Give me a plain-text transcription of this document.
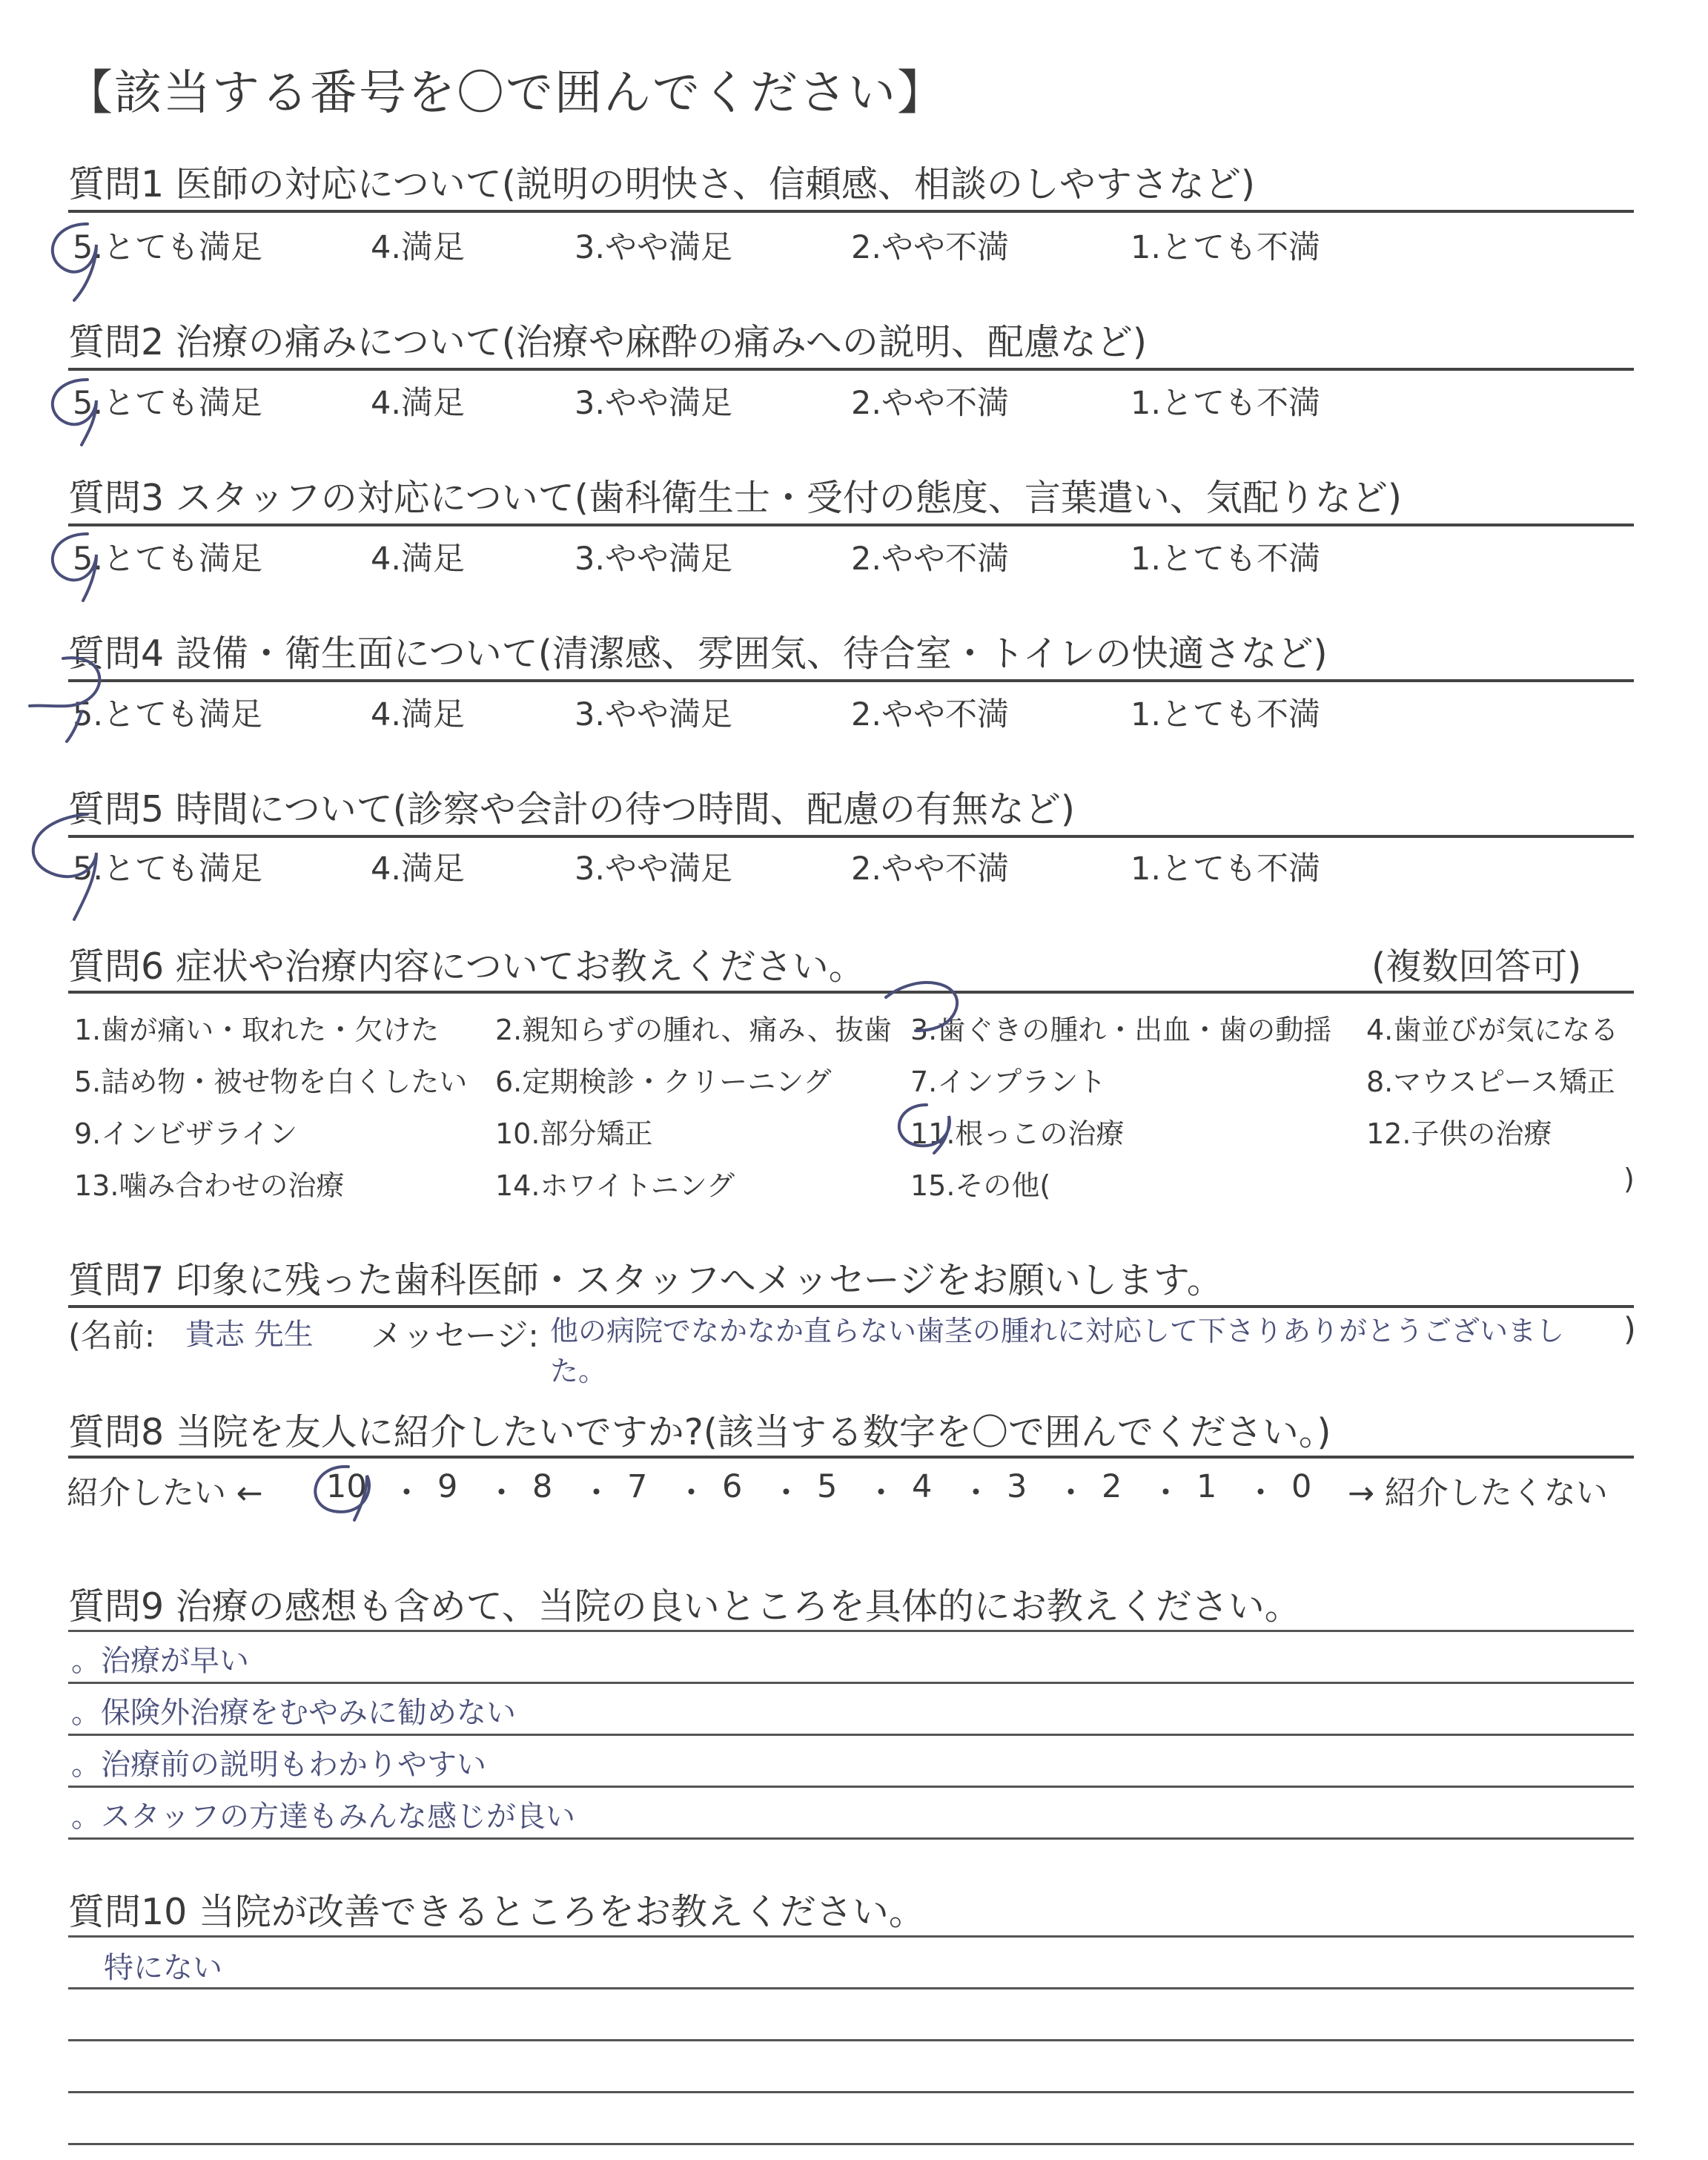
【該当する番号を〇で囲んでください】
質問1 医師の対応について(説明の明快さ、信頼感、相談のしやすさなど)
5.とても満足	4.満足	3.やや満足	2.やや不満	1.とても不満
質問2 治療の痛みについて(治療や麻酔の痛みへの説明、配慮など)
5.とても満足	4.満足	3.やや満足	2.やや不満	1.とても不満
質問3 スタッフの対応について(歯科衛生士・受付の態度、言葉遣い、気配りなど)
5.とても満足	4.満足	3.やや満足	2.やや不満	1.とても不満
質問4 設備・衛生面について(清潔感、雰囲気、待合室・トイレの快適さなど)
5.とても満足	4.満足	3.やや満足	2.やや不満	1.とても不満
質問5 時間について(診察や会計の待つ時間、配慮の有無など)
5.とても満足	4.満足	3.やや満足	2.やや不満	1.とても不満
質問6 症状や治療内容についてお教えください。	(複数回答可)
1.歯が痛い・取れた・欠けた 2.親知らずの腫れ、痛み、抜歯 3.歯ぐきの腫れ・出血・歯の動揺 4.歯並びが気になる
5.詰め物・被せ物を白くしたい 6.定期検診・クリーニング	7.インプラント	8.マウスピース矯正
9.インビザライン	10.部分矯正	11.根っこの治療	12.子供の治療
13.噛み合わせの治療	14.ホワイトニング	15.その他(	)
質問7 印象に残った歯科医師・スタッフへメッセージをお願いします。
(名前: 貴志 先生 メッセージ: 他の病院でなかなか直らない歯茎の腫れに対応して下さりありがとうございました。
)
質問8 当院を友人に紹介したいですか?(該当する数字を〇で囲んでください。)
紹介したい ← 10 ・ 9 ・ 8 ・ 7 ・ 6 ・ 5 ・ 4 ・ 3 ・ 2 ・ 1 ・ 0 → 紹介したくない
質問9 治療の感想も含めて、当院の良いところを具体的にお教えください。
。治療が早い
。保険外治療をむやみに勧めない
。治療前の説明もわかりやすい
。スタッフの方達もみんな感じが良い
質問10 当院が改善できるところをお教えください。
特にない
